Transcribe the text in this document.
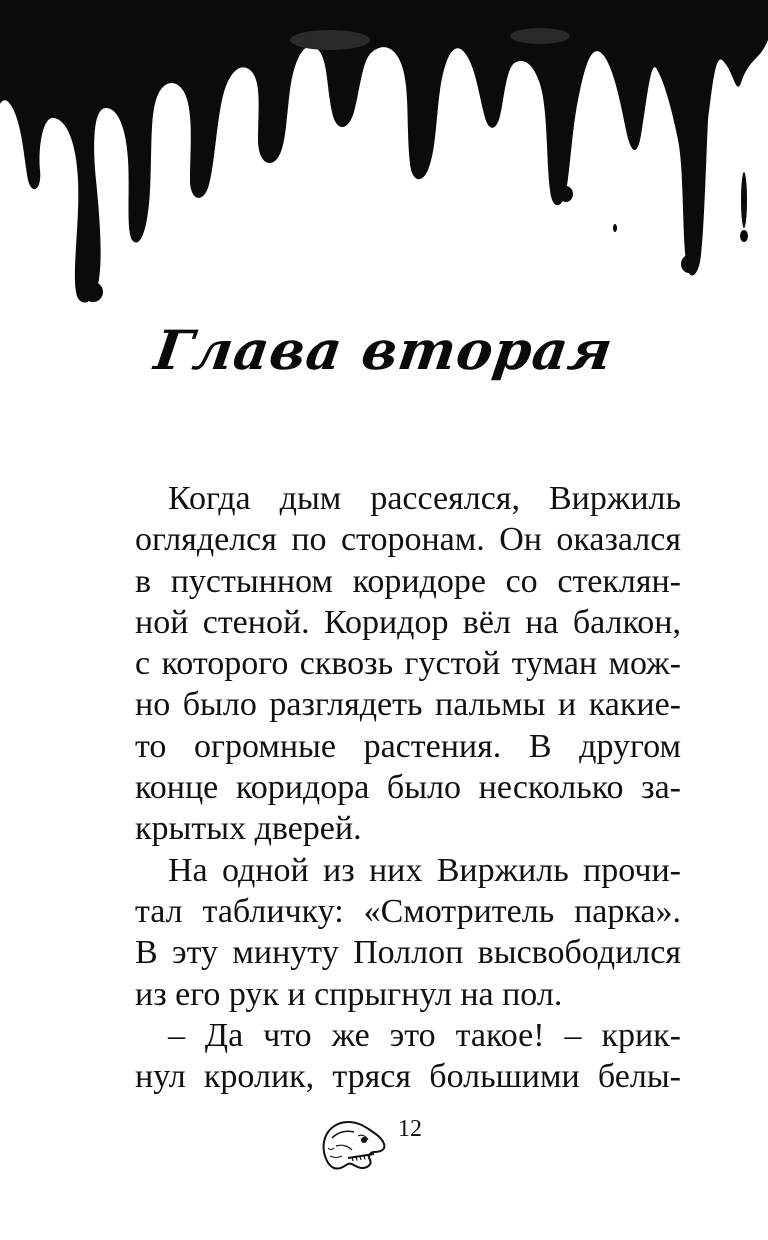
Глава вторая
Когда дым рассеялся, Виржиль
огляделся по сторонам. Он оказался
в пустынном коридоре со стеклян-
ной стеной. Коридор вёл на балкон,
с которого сквозь густой туман мож-
но было разглядеть пальмы и какие-
то огромные растения. В другом
конце коридора было несколько за-
крытых дверей.
На одной из них Виржиль прочи-
тал табличку: «Смотритель парка».
В эту минуту Поллоп высвободился
из его рук и спрыгнул на пол.
– Да что же это такое! – крик-
нул кролик, тряся большими белы-
12
